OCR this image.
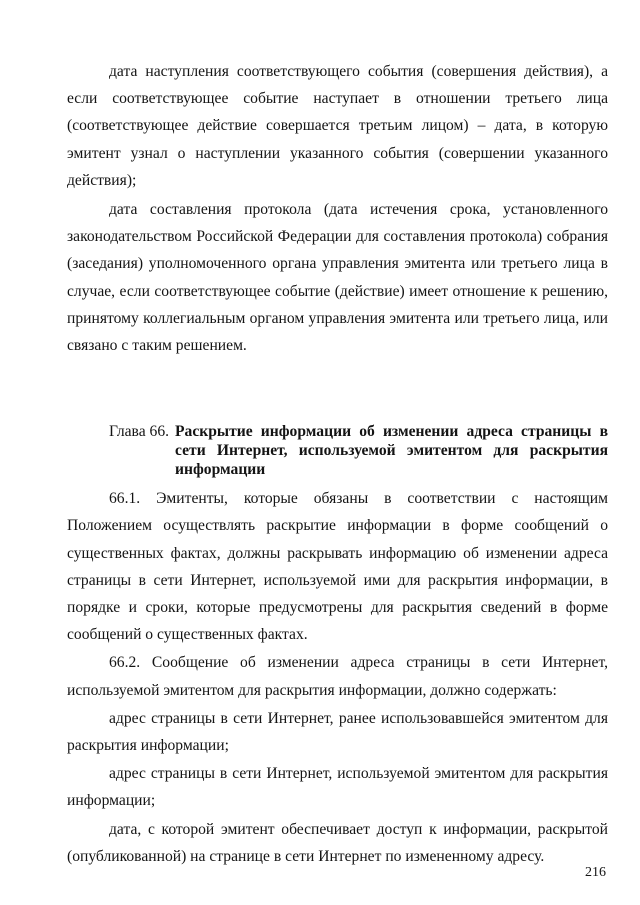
дата наступления соответствующего события (совершения действия), а если соответствующее событие наступает в отношении третьего лица (соответствующее действие совершается третьим лицом) – дата, в которую эмитент узнал о наступлении указанного события (совершении указанного действия);

дата составления протокола (дата истечения срока, установленного законодательством Российской Федерации для составления протокола) собрания (заседания) уполномоченного органа управления эмитента или третьего лица в случае, если соответствующее событие (действие) имеет отношение к решению, принятому коллегиальным органом управления эмитента или третьего лица, или связано с таким решением.

Глава 66. Раскрытие информации об изменении адреса страницы в сети Интернет, используемой эмитентом для раскрытия информации

66.1. Эмитенты, которые обязаны в соответствии с настоящим Положением осуществлять раскрытие информации в форме сообщений о существенных фактах, должны раскрывать информацию об изменении адреса страницы в сети Интернет, используемой ими для раскрытия информации, в порядке и сроки, которые предусмотрены для раскрытия сведений в форме сообщений о существенных фактах.

66.2. Сообщение об изменении адреса страницы в сети Интернет, используемой эмитентом для раскрытия информации, должно содержать:

адрес страницы в сети Интернет, ранее использовавшейся эмитентом для раскрытия информации;

адрес страницы в сети Интернет, используемой эмитентом для раскрытия информации;

дата, с которой эмитент обеспечивает доступ к информации, раскрытой (опубликованной) на странице в сети Интернет по измененному адресу.

216
